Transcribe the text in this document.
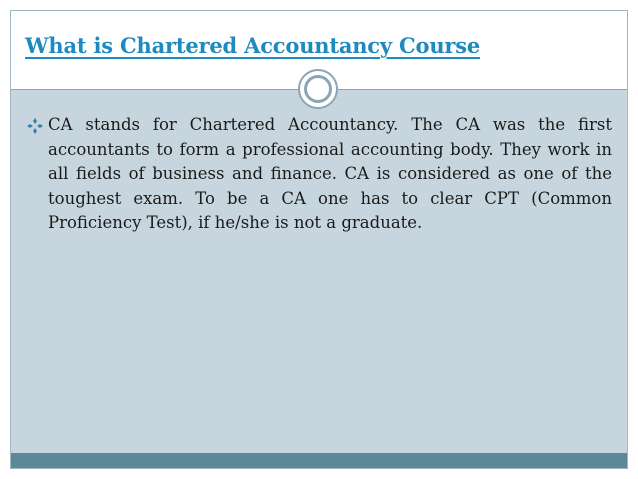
What is Chartered Accountancy Course

CA stands for Chartered Accountancy. The CA was the first accountants to form a professional accounting body. They work in all fields of business and finance. CA is considered as one of the toughest exam. To be a CA one has to clear CPT (Common Proficiency Test), if he/she is not a graduate.
